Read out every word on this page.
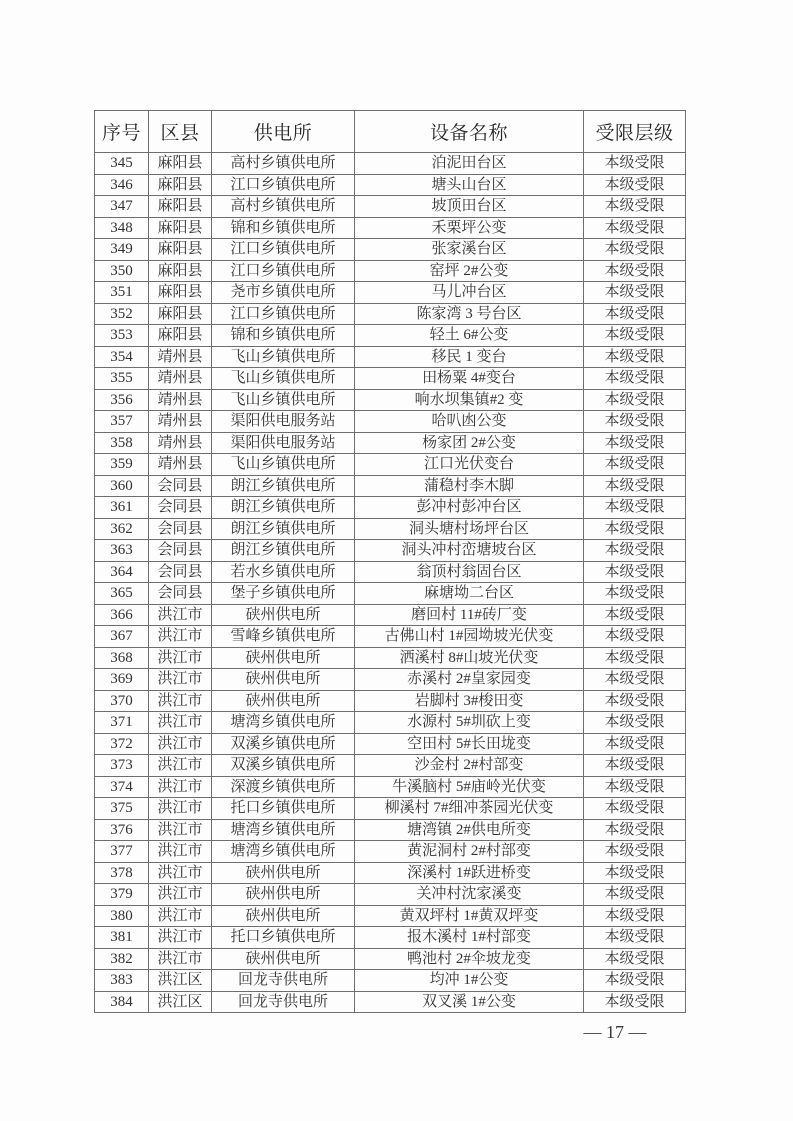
序号	区县	供电所	设备名称	受限层级
345	麻阳县	高村乡镇供电所	泊泥田台区	本级受限
346	麻阳县	江口乡镇供电所	塘头山台区	本级受限
347	麻阳县	高村乡镇供电所	坡顶田台区	本级受限
348	麻阳县	锦和乡镇供电所	禾栗坪公变	本级受限
349	麻阳县	江口乡镇供电所	张家溪台区	本级受限
350	麻阳县	江口乡镇供电所	窑坪 2#公变	本级受限
351	麻阳县	尧市乡镇供电所	马儿冲台区	本级受限
352	麻阳县	江口乡镇供电所	陈家湾 3 号台区	本级受限
353	麻阳县	锦和乡镇供电所	轻土 6#公变	本级受限
354	靖州县	飞山乡镇供电所	移民 1 变台	本级受限
355	靖州县	飞山乡镇供电所	田杨粟 4#变台	本级受限
356	靖州县	飞山乡镇供电所	响水坝集镇#2 变	本级受限
357	靖州县	渠阳供电服务站	哈叭凼公变	本级受限
358	靖州县	渠阳供电服务站	杨家团 2#公变	本级受限
359	靖州县	飞山乡镇供电所	江口光伏变台	本级受限
360	会同县	朗江乡镇供电所	蒲稳村李木脚	本级受限
361	会同县	朗江乡镇供电所	彭冲村彭冲台区	本级受限
362	会同县	朗江乡镇供电所	洞头塘村场坪台区	本级受限
363	会同县	朗江乡镇供电所	洞头冲村峦塘坡台区	本级受限
364	会同县	若水乡镇供电所	翁顶村翁固台区	本级受限
365	会同县	堡子乡镇供电所	麻塘坳二台区	本级受限
366	洪江市	硖州供电所	磨回村 11#砖厂变	本级受限
367	洪江市	雪峰乡镇供电所	古佛山村 1#园坳坡光伏变	本级受限
368	洪江市	硖州供电所	洒溪村 8#山坡光伏变	本级受限
369	洪江市	硖州供电所	赤溪村 2#皇家园变	本级受限
370	洪江市	硖州供电所	岩脚村 3#梭田变	本级受限
371	洪江市	塘湾乡镇供电所	水源村 5#圳砍上变	本级受限
372	洪江市	双溪乡镇供电所	空田村 5#长田垅变	本级受限
373	洪江市	双溪乡镇供电所	沙金村 2#村部变	本级受限
374	洪江市	深渡乡镇供电所	牛溪脑村 5#庙岭光伏变	本级受限
375	洪江市	托口乡镇供电所	柳溪村 7#细冲茶园光伏变	本级受限
376	洪江市	塘湾乡镇供电所	塘湾镇 2#供电所变	本级受限
377	洪江市	塘湾乡镇供电所	黄泥洞村 2#村部变	本级受限
378	洪江市	硖州供电所	深溪村 1#跃进桥变	本级受限
379	洪江市	硖州供电所	关冲村沈家溪变	本级受限
380	洪江市	硖州供电所	黄双坪村 1#黄双坪变	本级受限
381	洪江市	托口乡镇供电所	报木溪村 1#村部变	本级受限
382	洪江市	硖州供电所	鸭池村 2#伞坡龙变	本级受限
383	洪江区	回龙寺供电所	均冲 1#公变	本级受限
384	洪江区	回龙寺供电所	双叉溪 1#公变	本级受限
— 17 —
